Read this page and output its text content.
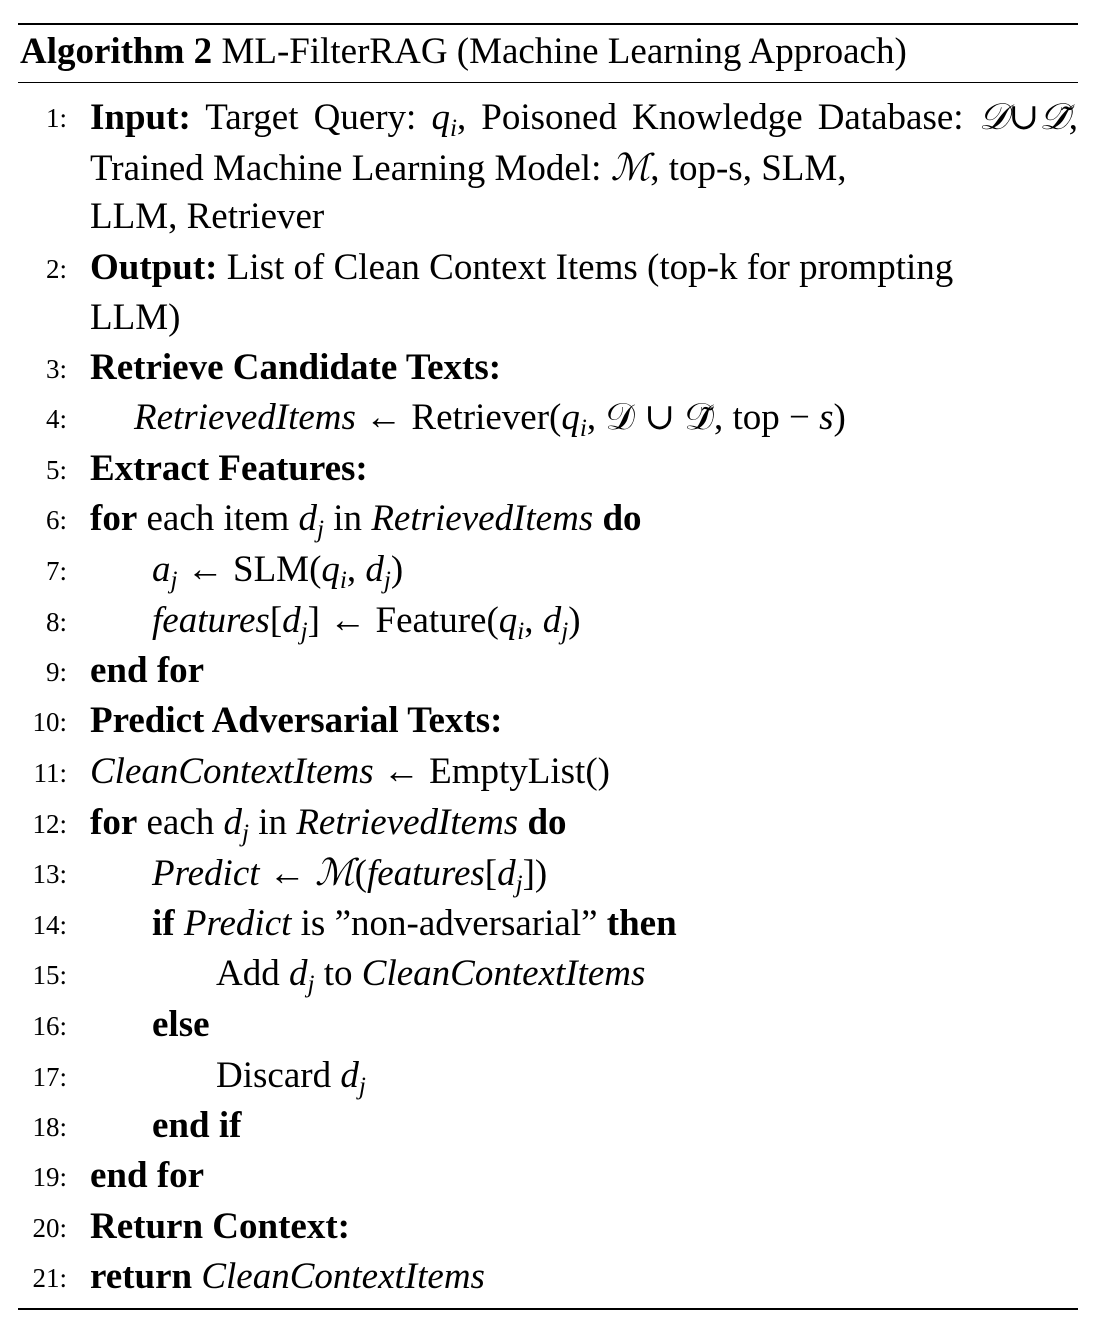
Algorithm 2 ML-FilterRAG (Machine Learning Approach)
1: Input: Target Query: $q_i$, Poisoned Knowledge Database: 𝒟∪𝒟̃, Trained Machine Learning Model: ℳ, top-s, SLM,
LLM, Retriever
2: Output: List of Clean Context Items (top-k for prompting
LLM)
3: Retrieve Candidate Texts:
4: RetrievedItems ← $Retriever(q_i$, 𝒟 ∪ 𝒟̃, top − s)
5: Extract Features:
6: for each item $d_j$ in RetrievedItems do
7: $a_j$ ← $SLM(q_i$, $d_j$)
8: $features[d_j]$ ← $Feature(q_i$, $d_j$)
9: end for
10: Predict Adversarial Texts:
11: CleanContextItems ← EmptyList()
12: for each $d_j$ in RetrievedItems do
13: Predict ← $ℳ(features[d_j])$
14: if Predict is ”non-adversarial” then
15:	Add $d_j$ to CleanContextItems
16: else
17:	Discard $d_j$
18: end if
19: end for
20: Return Context:
21: return CleanContextItems
